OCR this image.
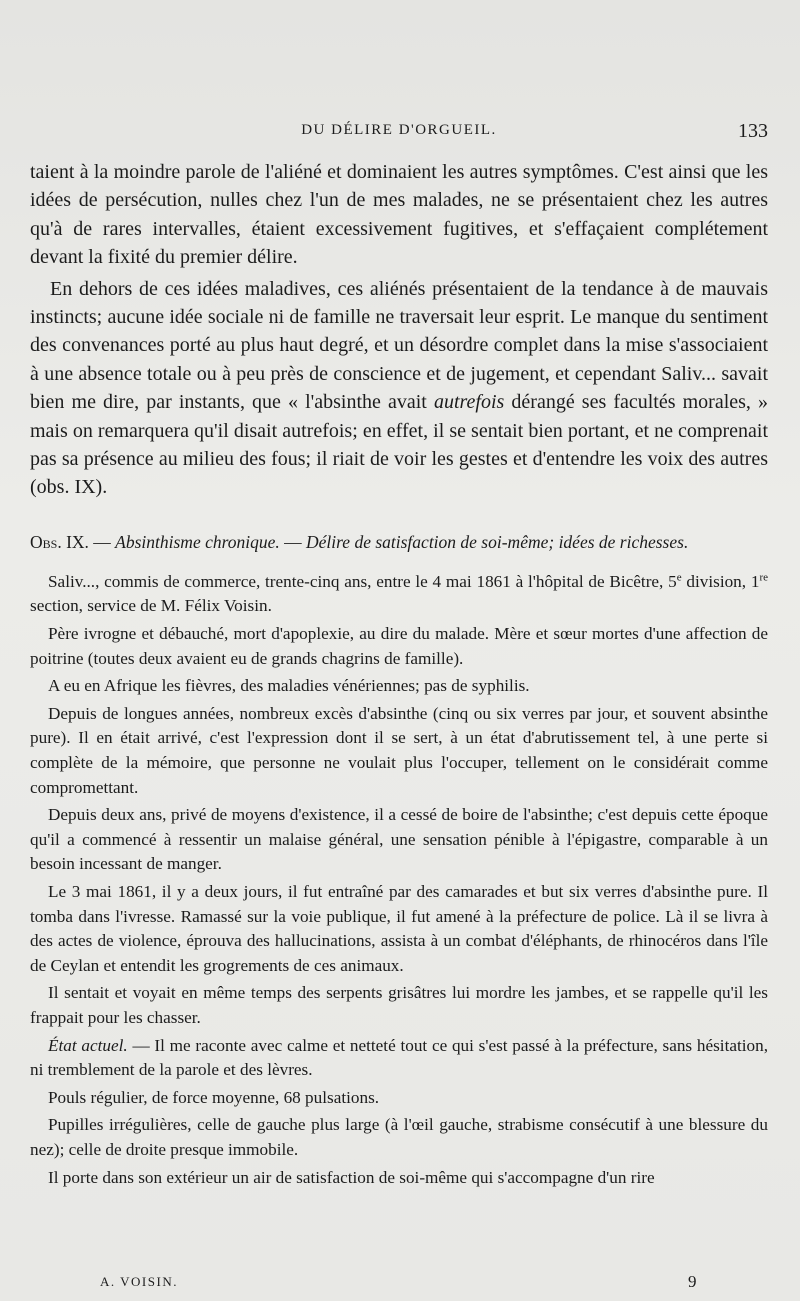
DU DÉLIRE D'ORGUEIL.	133

taient à la moindre parole de l'aliéné et dominaient les autres symptômes. C'est ainsi que les idées de persécution, nulles chez l'un de mes malades, ne se présentaient chez les autres qu'à de rares intervalles, étaient excessivement fugitives, et s'effaçaient complétement devant la fixité du premier délire.

En dehors de ces idées maladives, ces aliénés présentaient de la tendance à de mauvais instincts; aucune idée sociale ni de famille ne traversait leur esprit. Le manque du sentiment des convenances porté au plus haut degré, et un désordre complet dans la mise s'associaient à une absence totale ou à peu près de conscience et de jugement, et cependant Saliv... savait bien me dire, par instants, que « l'absinthe avait autrefois dérangé ses facultés morales, » mais on remarquera qu'il disait autrefois; en effet, il se sentait bien portant, et ne comprenait pas sa présence au milieu des fous; il riait de voir les gestes et d'entendre les voix des autres (obs. IX).

Obs. IX. — Absinthisme chronique. — Délire de satisfaction de soi-même; idées de richesses.

Saliv..., commis de commerce, trente-cinq ans, entre le 4 mai 1861 à l'hôpital de Bicêtre, 5e division, 1re section, service de M. Félix Voisin.

Père ivrogne et débauché, mort d'apoplexie, au dire du malade. Mère et sœur mortes d'une affection de poitrine (toutes deux avaient eu de grands chagrins de famille).

A eu en Afrique les fièvres, des maladies vénériennes; pas de syphilis.

Depuis de longues années, nombreux excès d'absinthe (cinq ou six verres par jour, et souvent absinthe pure). Il en était arrivé, c'est l'expression dont il se sert, à un état d'abrutissement tel, à une perte si complète de la mémoire, que personne ne voulait plus l'occuper, tellement on le considérait comme compromettant.

Depuis deux ans, privé de moyens d'existence, il a cessé de boire de l'absinthe; c'est depuis cette époque qu'il a commencé à ressentir un malaise général, une sensation pénible à l'épigastre, comparable à un besoin incessant de manger.

Le 3 mai 1861, il y a deux jours, il fut entraîné par des camarades et but six verres d'absinthe pure. Il tomba dans l'ivresse. Ramassé sur la voie publique, il fut amené à la préfecture de police. Là il se livra à des actes de violence, éprouva des hallucinations, assista à un combat d'éléphants, de rhinocéros dans l'île de Ceylan et entendit les grogrements de ces animaux.

Il sentait et voyait en même temps des serpents grisâtres lui mordre les jambes, et se rappelle qu'il les frappait pour les chasser.

État actuel. — Il me raconte avec calme et netteté tout ce qui s'est passé à la préfecture, sans hésitation, ni tremblement de la parole et des lèvres.

Pouls régulier, de force moyenne, 68 pulsations.

Pupilles irrégulières, celle de gauche plus large (à l'œil gauche, strabisme consécutif à une blessure du nez); celle de droite presque immobile.

Il porte dans son extérieur un air de satisfaction de soi-même qui s'accompagne d'un rire

A. VOISIN.	9
